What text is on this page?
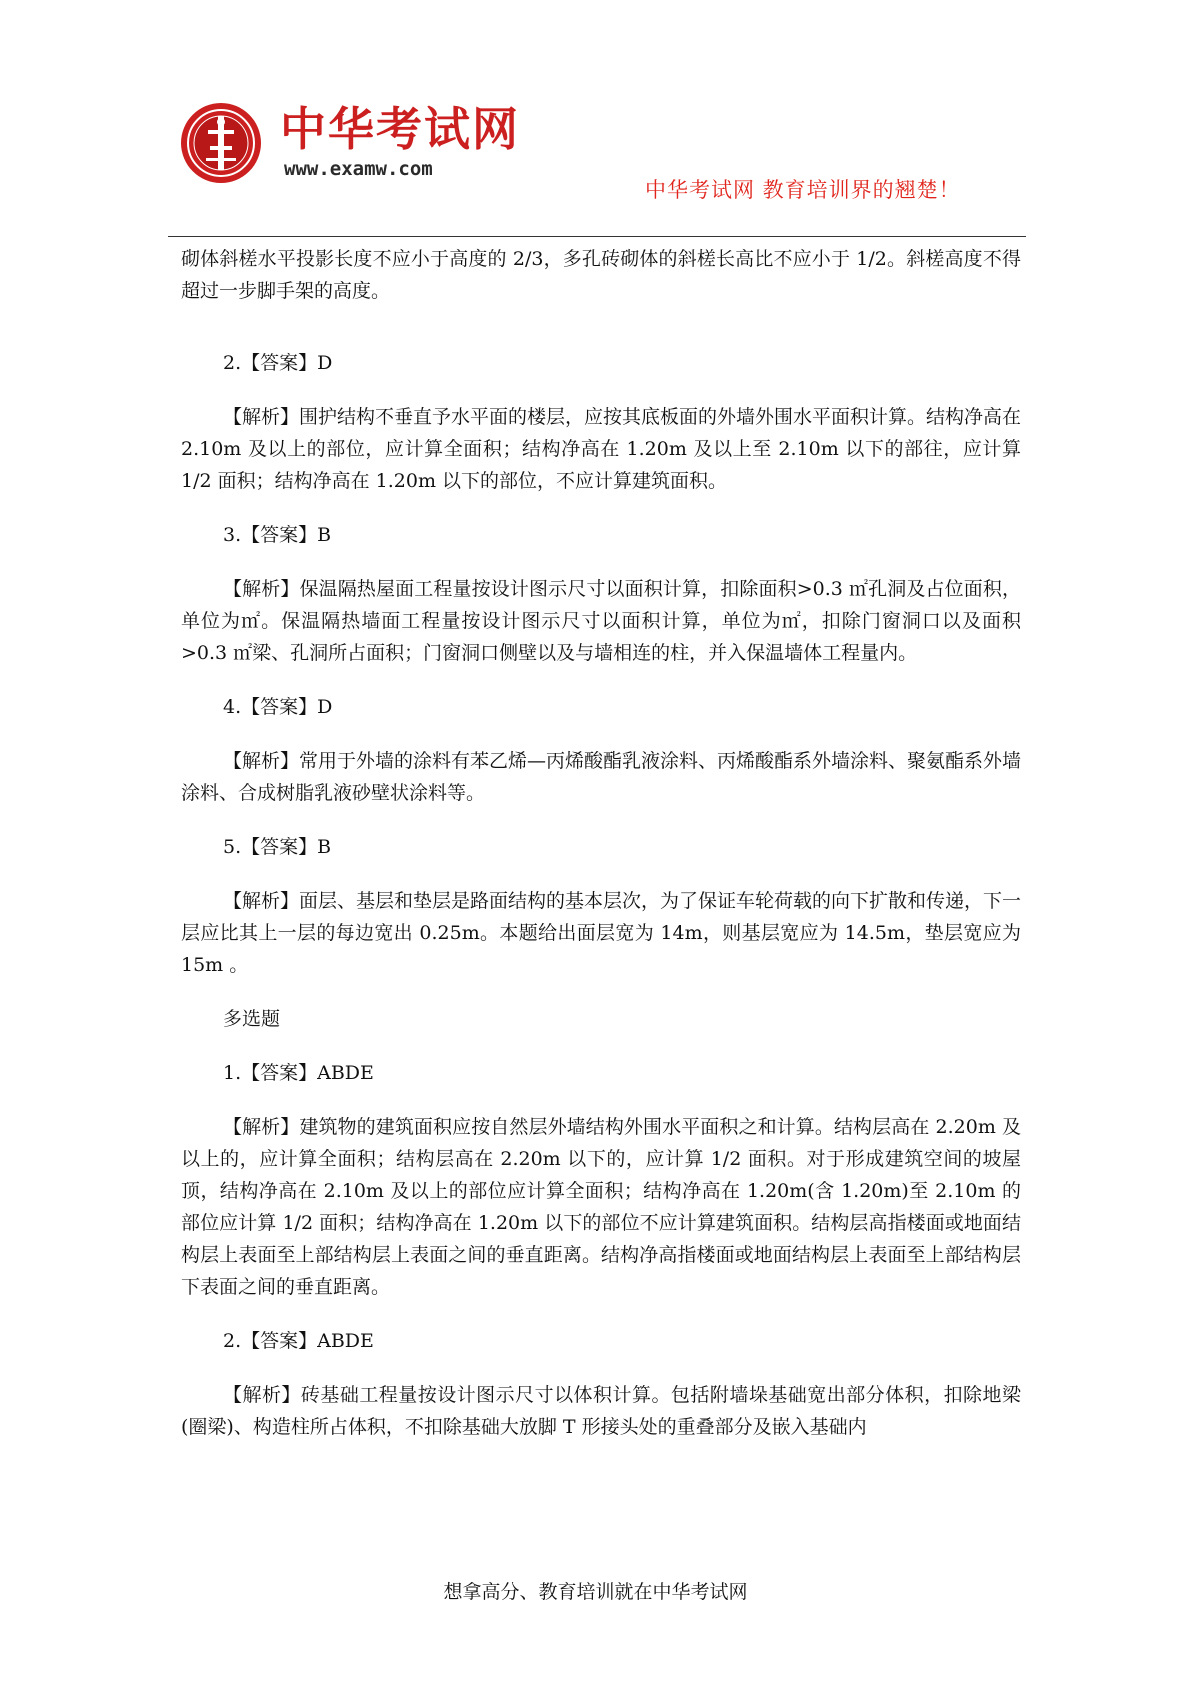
中华考试网
www.examw.com
中华考试网 教育培训界的翘楚！

砌体斜槎水平投影长度不应小于高度的 2/3，多孔砖砌体的斜槎长高比不应小于 1/2。斜槎高度不得超过一步脚手架的高度。

2.【答案】D

【解析】围护结构不垂直予水平面的楼层，应按其底板面的外墙外围水平面积计算。结构净高在 2.10m 及以上的部位，应计算全面积；结构净高在 1.20m 及以上至 2.10m 以下的部往，应计算 1/2 面积；结构净高在 1.20m 以下的部位，不应计算建筑面积。

3.【答案】B

【解析】保温隔热屋面工程量按设计图示尺寸以面积计算，扣除面积>0.3 ㎡孔洞及占位面积，单位为㎡。保温隔热墙面工程量按设计图示尺寸以面积计算，单位为㎡，扣除门窗洞口以及面积>0.3 ㎡梁、孔洞所占面积；门窗洞口侧壁以及与墙相连的柱，并入保温墙体工程量内。

4.【答案】D

【解析】常用于外墙的涂料有苯乙烯—丙烯酸酯乳液涂料、丙烯酸酯系外墙涂料、聚氨酯系外墙涂料、合成树脂乳液砂壁状涂料等。

5.【答案】B

【解析】面层、基层和垫层是路面结构的基本层次，为了保证车轮荷载的向下扩散和传递，下一层应比其上一层的每边宽出 0.25m。本题给出面层宽为 14m，则基层宽应为 14.5m，垫层宽应为 15m 。

多选题

1.【答案】ABDE

【解析】建筑物的建筑面积应按自然层外墙结构外围水平面积之和计算。结构层高在 2.20m 及以上的，应计算全面积；结构层高在 2.20m 以下的，应计算 1/2 面积。对于形成建筑空间的坡屋顶，结构净高在 2.10m 及以上的部位应计算全面积；结构净高在 1.20m(含 1.20m)至 2.10m 的部位应计算 1/2 面积；结构净高在 1.20m 以下的部位不应计算建筑面积。结构层高指楼面或地面结构层上表面至上部结构层上表面之间的垂直距离。结构净高指楼面或地面结构层上表面至上部结构层下表面之间的垂直距离。

2.【答案】ABDE

【解析】砖基础工程量按设计图示尺寸以体积计算。包括附墙垛基础宽出部分体积，扣除地梁(圈梁)、构造柱所占体积，不扣除基础大放脚 T 形接头处的重叠部分及嵌入基础内

想拿高分、教育培训就在中华考试网
